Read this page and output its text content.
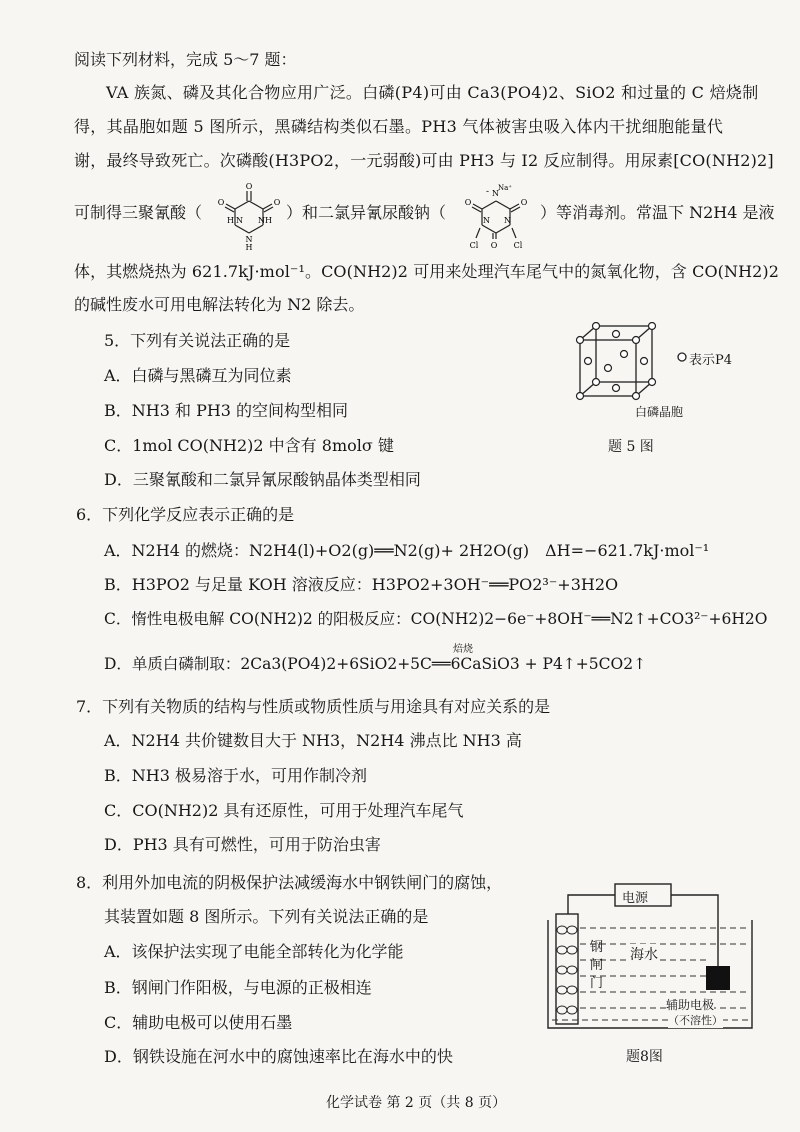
阅读下列材料，完成 5～7 题：
VA 族氮、磷及其化合物应用广泛。白磷(P4)可由 Ca3(PO4)2、SiO2 和过量的 C 焙烧制
得，其晶胞如题 5 图所示，黑磷结构类似石墨。PH3 气体被害虫吸入体内干扰细胞能量代
谢，最终导致死亡。次磷酸(H3PO2，一元弱酸)可由 PH3 与 I2 反应制得。用尿素[CO(NH2)2]
可制得三聚氰酸（
O
O	O
H N N H
N
H
）和二氯异氰尿酸钠（
N
Na⁺
-
O	O
N N
O
Cl	Cl
）等消毒剂。常温下 N2H4 是液
体，其燃烧热为 621.7kJ·mol⁻¹。CO(NH2)2 可用来处理汽车尾气中的氮氧化物，含 CO(NH2)2
的碱性废水可用电解法转化为 N2 除去。
5．下列有关说法正确的是
A．白磷与黑磷互为同位素
B．NH3 和 PH3 的空间构型相同
C．1mol CO(NH2)2 中含有 8molσ 键
D．三聚氰酸和二氯异氰尿酸钠晶体类型相同
表示P4
白磷晶胞
题 5 图
6．下列化学反应表示正确的是
A．N2H4 的燃烧：N2H4(l)+O2(g)══N2(g)+ 2H2O(g)　ΔH=−621.7kJ·mol⁻¹
B．H3PO2 与足量 KOH 溶液反应：H3PO2+3OH⁻══PO2³⁻+3H2O
C．惰性电极电解 CO(NH2)2 的阳极反应：CO(NH2)2−6e⁻+8OH⁻══N2↑+CO3²⁻+6H2O
焙烧
D．单质白磷制取：2Ca3(PO4)2+6SiO2+5C══6CaSiO3 + P4↑+5CO2↑
7．下列有关物质的结构与性质或物质性质与用途具有对应关系的是
A．N2H4 共价键数目大于 NH3，N2H4 沸点比 NH3 高
B．NH3 极易溶于水，可用作制冷剂
C．CO(NH2)2 具有还原性，可用于处理汽车尾气
D．PH3 具有可燃性，可用于防治虫害
8．利用外加电流的阴极保护法减缓海水中钢铁闸门的腐蚀，
其装置如题 8 图所示。下列有关说法正确的是
A．该保护法实现了电能全部转化为化学能
B．钢闸门作阳极，与电源的正极相连
C．辅助电极可以使用石墨
D．钢铁设施在河水中的腐蚀速率比在海水中的快
电源
钢
闸
门
海水
辅助电极
（不溶性）
题8图
化学试卷 第 2 页（共 8 页）
